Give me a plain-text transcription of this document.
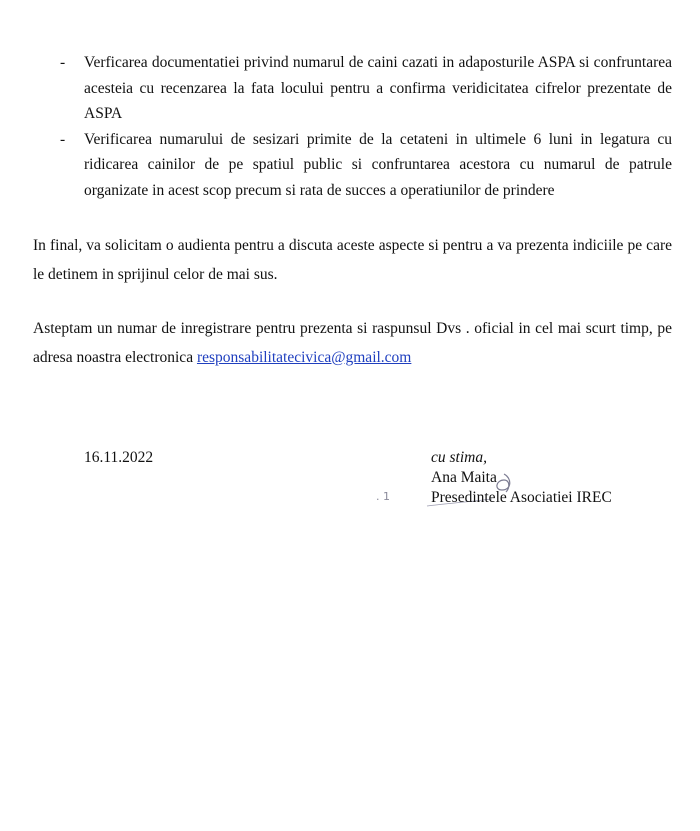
- Verficarea documentatiei privind numarul de caini cazati in adaposturile ASPA si confruntarea acesteia cu recenzarea la fata locului pentru a confirma veridicitatea cifrelor prezentate de ASPA
- Verificarea numarului de sesizari primite de la cetateni in ultimele 6 luni in legatura cu ridicarea cainilor de pe spatiul public si confruntarea acestora cu numarul de patrule organizate in acest scop precum si rata de succes a operatiunilor de prindere

In final, va solicitam o audienta pentru a discuta aceste aspecte si pentru a va prezenta indiciile pe care le detinem in sprijinul celor de mai sus.

Asteptam un numar de inregistrare pentru prezenta si raspunsul Dvs . oficial in cel mai scurt timp, pe adresa noastra electronica responsabilitatecivica@gmail.com

16.11.2022
. 1
cu stima,
Ana Maita
Presedintele Asociatiei IREC
